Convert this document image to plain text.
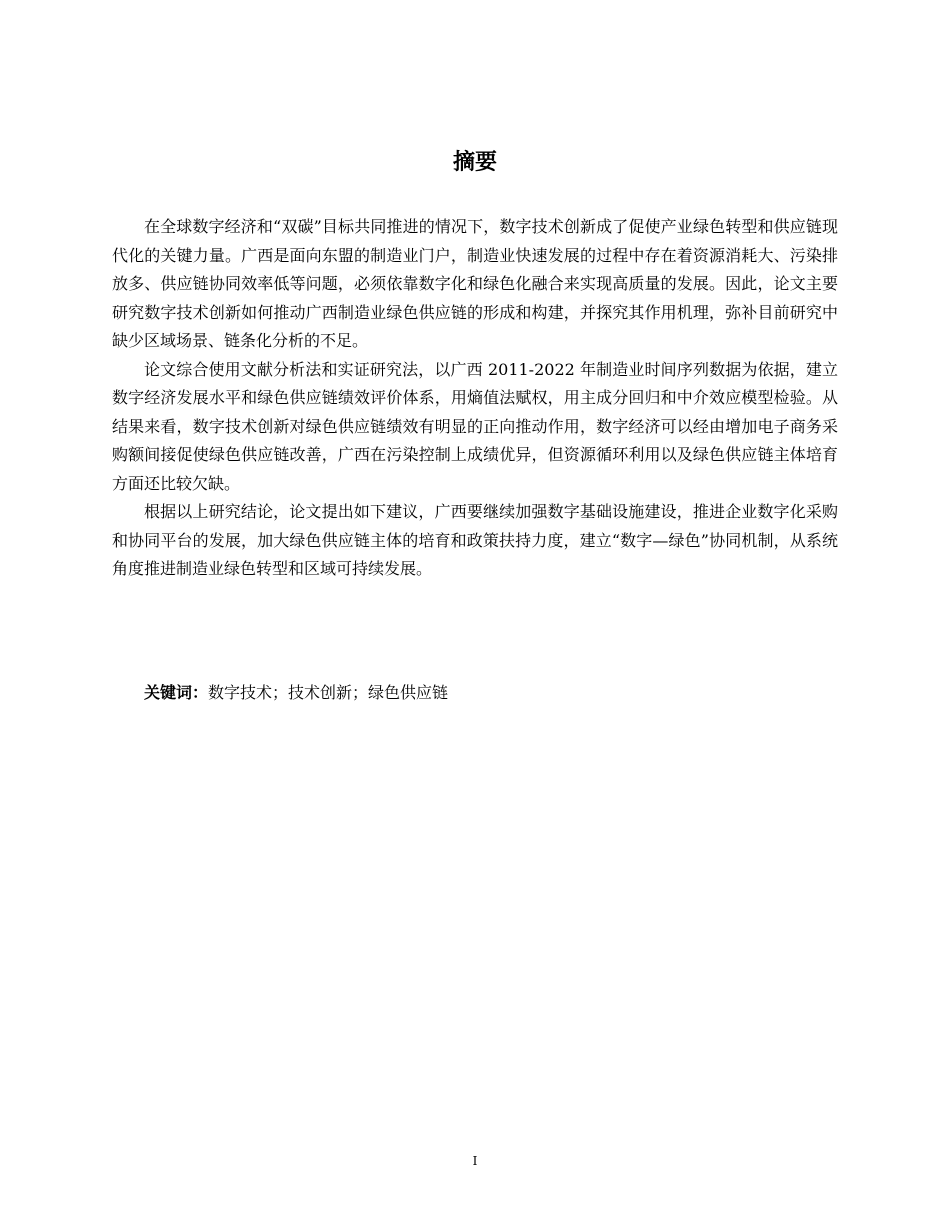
摘要

在全球数字经济和“双碳”目标共同推进的情况下，数字技术创新成了促使产业绿色转型和供应链现代化的关键力量。广西是面向东盟的制造业门户，制造业快速发展的过程中存在着资源消耗大、污染排放多、供应链协同效率低等问题，必须依靠数字化和绿色化融合来实现高质量的发展。因此，论文主要研究数字技术创新如何推动广西制造业绿色供应链的形成和构建，并探究其作用机理，弥补目前研究中缺少区域场景、链条化分析的不足。

论文综合使用文献分析法和实证研究法，以广西 2011-2022 年制造业时间序列数据为依据，建立数字经济发展水平和绿色供应链绩效评价体系，用熵值法赋权，用主成分回归和中介效应模型检验。从结果来看，数字技术创新对绿色供应链绩效有明显的正向推动作用，数字经济可以经由增加电子商务采购额间接促使绿色供应链改善，广西在污染控制上成绩优异，但资源循环利用以及绿色供应链主体培育方面还比较欠缺。

根据以上研究结论，论文提出如下建议，广西要继续加强数字基础设施建设，推进企业数字化采购和协同平台的发展，加大绿色供应链主体的培育和政策扶持力度，建立“数字—绿色”协同机制，从系统角度推进制造业绿色转型和区域可持续发展。

关键词：数字技术；技术创新；绿色供应链

I
